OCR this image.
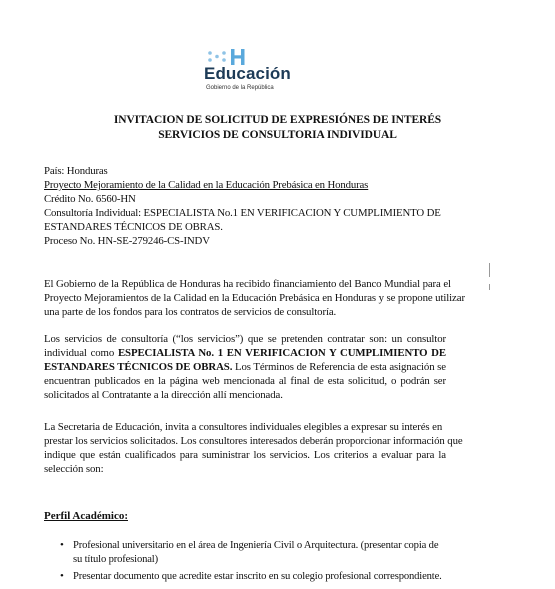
Educación
Gobierno de la República
INVITACION DE SOLICITUD DE EXPRESIÓNES DE INTERÉS
SERVICIOS DE CONSULTORIA INDIVIDUAL
País: Honduras
Proyecto Mejoramiento de la Calidad en la Educación Prebásica en Honduras
Crédito No. 6560-HN
Consultoría Individual: ESPECIALISTA No.1 EN VERIFICACION Y CUMPLIMIENTO DE
ESTANDARES TÉCNICOS DE OBRAS.
Proceso No. HN-SE-279246-CS-INDV
El Gobierno de la República de Honduras ha recibido financiamiento del Banco Mundial para el
Proyecto Mejoramientos de la Calidad en la Educación Prebásica en Honduras y se propone utilizar
una parte de los fondos para los contratos de servicios de consultoría.
Los servicios de consultoría (“los servicios”) que se pretenden contratar son: un consultor
individual como ESPECIALISTA No. 1 EN VERIFICACION Y CUMPLIMIENTO DE
ESTANDARES TÉCNICOS DE OBRAS. Los Términos de Referencia de esta asignación se
encuentran publicados en la página web mencionada al final de esta solicitud, o podrán ser
solicitados al Contratante a la dirección allí mencionada.
La Secretaria de Educación, invita a consultores individuales elegibles a expresar su interés en
prestar los servicios solicitados. Los consultores interesados deberán proporcionar información que
indique que están cualificados para suministrar los servicios. Los criterios a evaluar para la
selección son:
Perfil Académico:
• Profesional universitario en el área de Ingeniería Civil o Arquitectura. (presentar copia de
su título profesional)
• Presentar documento que acredite estar inscrito en su colegio profesional correspondiente.
